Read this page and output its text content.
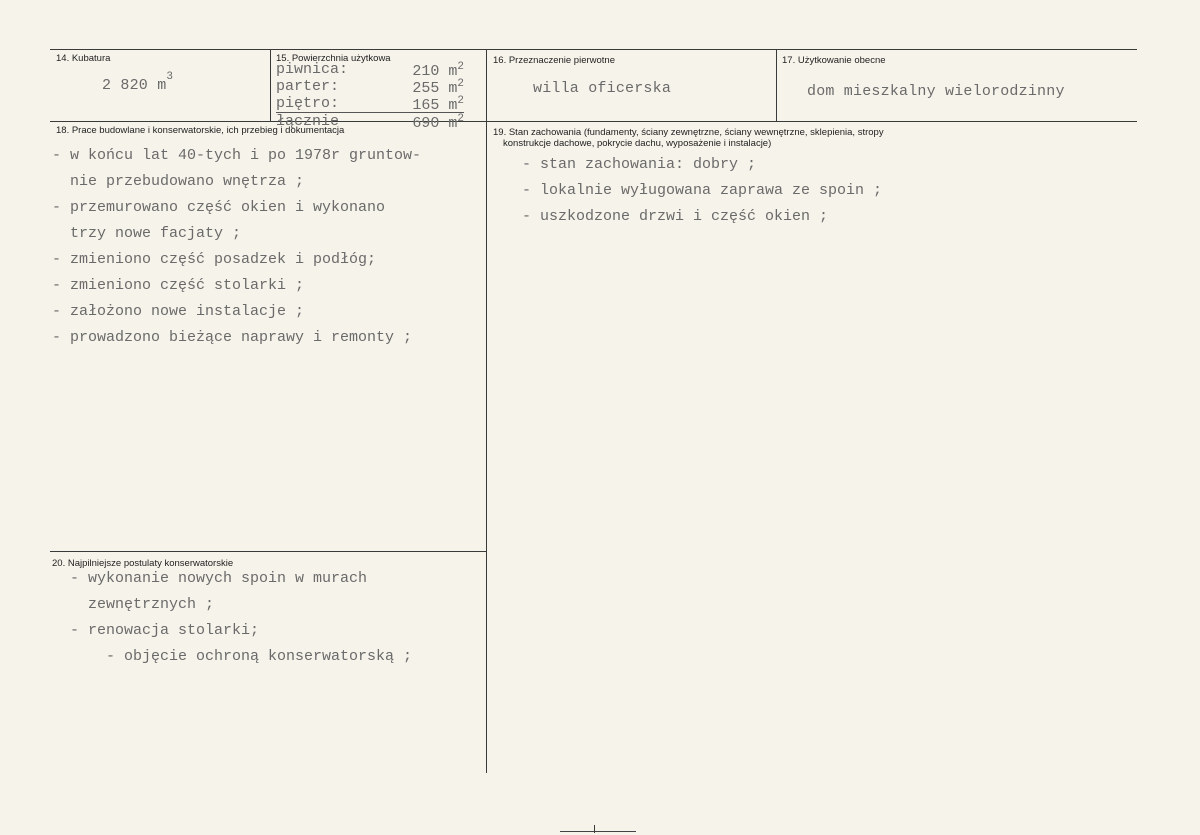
14. Kubatura
2 820 $m^3$
15. Powierzchnia użytkowa
piwnica:	210 $m^2$
parter:	255 $m^2$
piętro:	165 $m^2$
łącznie	690 $m^2$
16. Przeznaczenie pierwotne
willa oficerska
17. Użytkowanie obecne
dom mieszkalny wielorodzinny
18. Prace budowlane i konserwatorskie, ich przebieg i dokumentacja
- w końcu lat 40-tych i po 1978r gruntow-
nie przebudowano wnętrza ;
- przemurowano część okien i wykonano
trzy nowe facjaty ;
- zmieniono część posadzek i podłóg;
- zmieniono część stolarki ;
- założono nowe instalacje ;
- prowadzono bieżące naprawy i remonty ;
19. Stan zachowania (fundamenty, ściany zewnętrzne, ściany wewnętrzne, sklepienia, stropy
konstrukcje dachowe, pokrycie dachu, wyposażenie i instalacje)
- stan zachowania: dobry ;
- lokalnie wyługowana zaprawa ze spoin ;
- uszkodzone drzwi i część okien ;
20. Najpilniejsze postulaty konserwatorskie
- wykonanie nowych spoin w murach
zewnętrznych ;
- renowacja stolarki;
- objęcie ochroną konserwatorską ;
